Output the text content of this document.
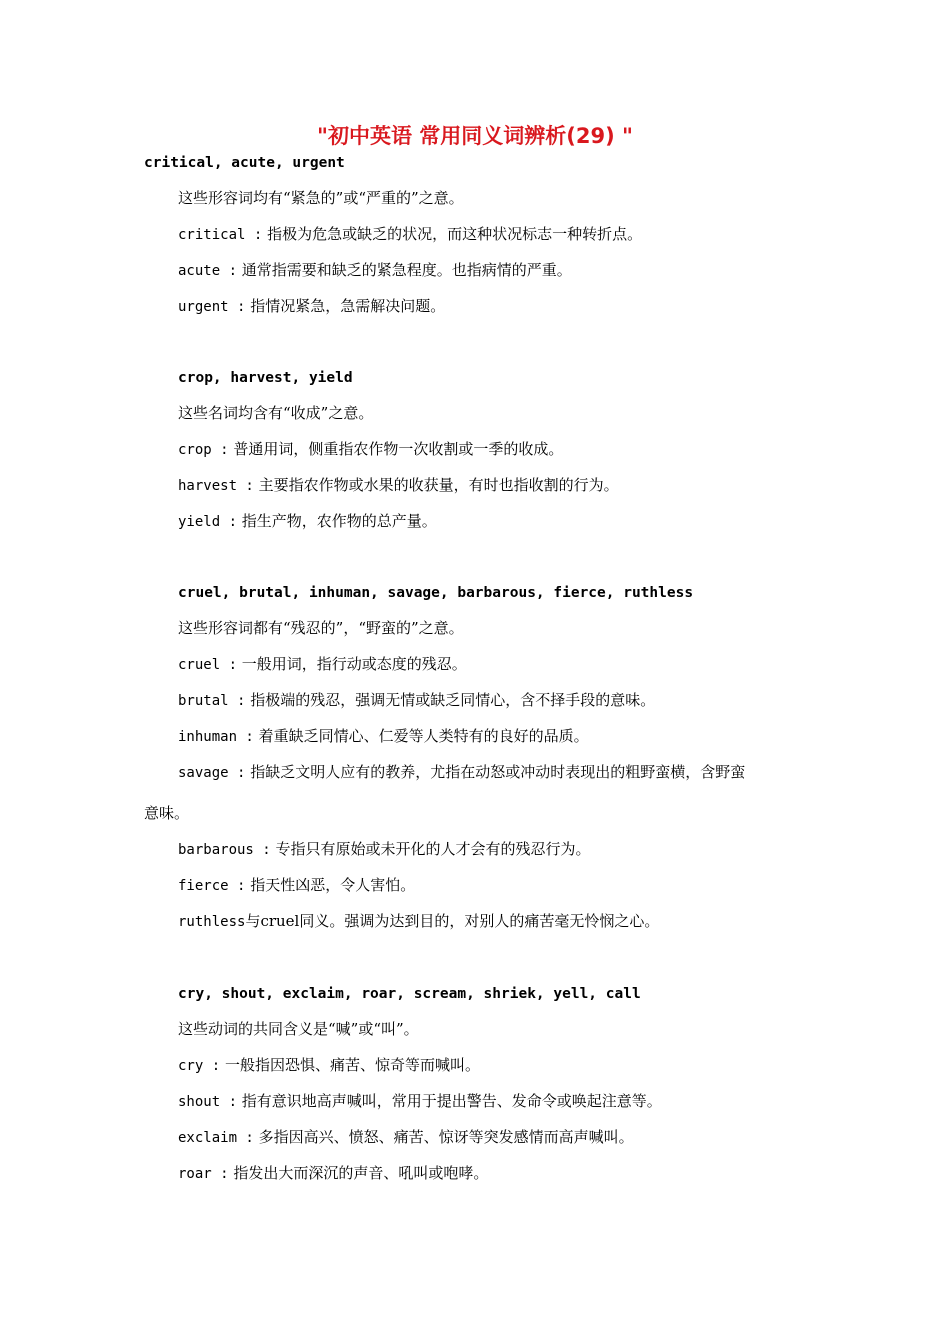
"初中英语 常用同义词辨析(29) "
critical, acute, urgent
这些形容词均有“紧急的”或“严重的”之意。
critical : 指极为危急或缺乏的状况，而这种状况标志一种转折点。
acute : 通常指需要和缺乏的紧急程度。也指病情的严重。
urgent : 指情况紧急，急需解决问题。
crop, harvest, yield
这些名词均含有“收成”之意。
crop : 普通用词，侧重指农作物一次收割或一季的收成。
harvest : 主要指农作物或水果的收获量，有时也指收割的行为。
yield : 指生产物，农作物的总产量。
cruel, brutal, inhuman, savage, barbarous, fierce, ruthless
这些形容词都有“残忍的”，“野蛮的”之意。
cruel : 一般用词，指行动或态度的残忍。
brutal : 指极端的残忍，强调无情或缺乏同情心，含不择手段的意味。
inhuman : 着重缺乏同情心、仁爱等人类特有的良好的品质。
savage : 指缺乏文明人应有的教养，尤指在动怒或冲动时表现出的粗野蛮横，含野蛮
意味。
barbarous : 专指只有原始或未开化的人才会有的残忍行为。
fierce : 指天性凶恶，令人害怕。
ruthless与cruel同义。强调为达到目的，对别人的痛苦毫无怜悯之心。
cry, shout, exclaim, roar, scream, shriek, yell, call
这些动词的共同含义是“喊”或“叫”。
cry : 一般指因恐惧、痛苦、惊奇等而喊叫。
shout : 指有意识地高声喊叫，常用于提出警告、发命令或唤起注意等。
exclaim : 多指因高兴、愤怒、痛苦、惊讶等突发感情而高声喊叫。
roar : 指发出大而深沉的声音、吼叫或咆哮。
